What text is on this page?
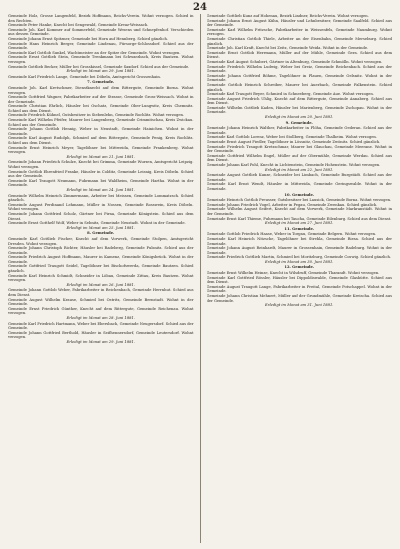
24

Gemeinde Holz, Grosse Langenfeld, Bezirk Hoffmann, Reichs-Verein. Wohnt verzogen. Schied in den Rechten.

Gemeinde Peter Hanke, Knecht bei Sengewald, Gemeinde Kreuz-Weissach.

Gemeinde Joh. Karl Kommer auf Sommerfeld, Gemeinde Wesens und Schnepfenhof. Verschieden aus dessen Gemeinde.

Gemeinde Johann Ernst Spitzner, Gemeinde bei Horn auf Hennberg. Schied gänzlich.

Gemeinde Hans Heinrich Berger, Gemeinde Lindenau, Fürsorge-Schlossdorf. Schied aus der Gemeinde.

Gemeinde Karl Gottlob Sunkel, Wachtmeister an der Spitze der Gemeinde. Wohnt verzogen.

Gemeinde Ernst Gottlieb Stein, Gemeinde Trenkmann bei Schwarzbach, Kreis Bautzen. Wohnt verzogen.

Gemeinde Gottlieb Becker, Müller bei Grosskissel, Gemeinde Saxdorf. Schied aus der Gemeinde.

Erledigt im Monat am 29. Juni 1881.

Gemeinde Karl Friedrich Lange, Gemeinde bei Döbeln, Amtsgericht Grossenhain.

7. Gemeinde.

Gemeinde Joh. Karl Kretschmer, Dienstknecht auf dem Rittergute, Gemeinde Borna. Wohnt verzogen.

Gemeinde Gottfried Wagner, Fabrikarbeiter auf der Strasse, Gemeinde Gross-Weissach. Wohnt in der Gemeinde.

Gemeinde Christian Ehrlich, Häusler bei Oschatz, Gemeinde Ober-Lungwitz, Kreis Chemnitz. Schied aus dem Dienst.

Gemeinde Friedrich Kühnel, Gutsbesitzer in Siebenlehn, Gemeinde Rochlitz. Wohnt verzogen.

Gemeinde Karl Wilhelm Pfeifer, Maurer bei Langenberg, Gemeinde Crimmitschau, Kreis Zwickau. Schied aus der Gemeinde.

Gemeinde Johann Gottlob Hennig, Weber in Neustadt, Gemeinde Hainichen. Wohnt in der Gemeinde.

Gemeinde Karl August Rudolph, Schmied auf dem Rittergute, Gemeinde Penig, Kreis Rochlitz. Schied aus dem Dienst.

Gemeinde Ernst Heinrich Meyer, Tagelöhner bei Mittweida, Gemeinde Frankenberg. Wohnt verzogen.

Erledigt im Monat am 21. Juni 1881.

Gemeinde Johann Friedrich Schulze, Knecht bei Grimma, Gemeinde Wurzen, Amtsgericht Leipzig. Wohnt verzogen.

Gemeinde Gottlob Ehrenfried Franke, Häusler in Colditz, Gemeinde Leisnig, Kreis Döbeln. Schied aus der Gemeinde.

Gemeinde Karl Traugott Neumann, Fuhrmann bei Waldheim, Gemeinde Hartha. Wohnt in der Gemeinde.

Erledigt im Monat am 24. Juni 1881.

Gemeinde Wilhelm Heinrich Zimmermann, Arbeiter bei Meissen, Gemeinde Lommatzsch. Schied gänzlich.

Gemeinde August Ferdinand Lehmann, Müller in Nossen, Gemeinde Rosswein, Kreis Döbeln. Wohnt verzogen.

Gemeinde Johann Gottfried Scholz, Gärtner bei Pirna, Gemeinde Königstein. Schied aus dem Dienst.

Gemeinde Ernst Gotthelf Wolf, Weber in Sebnitz, Gemeinde Neustadt. Wohnt in der Gemeinde.

Erledigt im Monat am 25. Juni 1881.

8. Gemeinde.

Gemeinde Karl Gottlieb Fischer, Knecht auf dem Vorwerk, Gemeinde Stolpen, Amtsgericht Dresden. Wohnt verzogen.

Gemeinde Johann Christoph Richter, Häusler bei Radeberg, Gemeinde Pulsnitz. Schied aus der Gemeinde.

Gemeinde Friedrich August Hoffmann, Maurer in Kamenz, Gemeinde Königsbrück. Wohnt in der Gemeinde.

Gemeinde Gottfried Traugott Seidel, Tagelöhner bei Bischofswerda, Gemeinde Bautzen. Schied gänzlich.

Gemeinde Karl Heinrich Schmidt, Schneider in Löbau, Gemeinde Zittau, Kreis Bautzen. Wohnt verzogen.

Erledigt im Monat am 26. Juni 1881.

Gemeinde Johann Gottlob Weber, Fabrikarbeiter in Reichenbach, Gemeinde Herrnhut. Schied aus dem Dienst.

Gemeinde August Wilhelm Krause, Schmied bei Ostritz, Gemeinde Bernstadt. Wohnt in der Gemeinde.

Gemeinde Ernst Friedrich Günther, Knecht auf dem Rittergute, Gemeinde Reichenau. Wohnt verzogen.

Erledigt im Monat am 28. Juni 1881.

Gemeinde Karl Friedrich Hartmann, Weber bei Ebersbach, Gemeinde Neugersdorf. Schied aus der Gemeinde.

Gemeinde Johann Gottfried Berthold, Häusler in Seifhennersdorf, Gemeinde Leutersdorf. Wohnt verzogen.

Erledigt im Monat am 29. Juni 1881.

Gemeinde Gottlieb Kunz auf Hohenau, Bezirk Lindner, Reichs-Verein. Wohnt verzogen.

Gemeinde Johann Ernst August Kühn, Häusler und Lehnbesitzer, Gemeinde Saalfeld. Schied aus der Gemeinde.

Gemeinde Karl Wilhelm Fritzsche, Fabrikarbeiter in Weissenfels, Gemeinde Naumburg. Wohnt verzogen.

Gemeinde Christian Gottlob Thiele, Arbeiter an der Eisenbahn, Gemeinde Merseburg. Schied gänzlich.

Gemeinde Joh. Karl Kraft, Knecht bei Zeitz, Gemeinde Weida. Wohnt in der Gemeinde.

Gemeinde Ernst Gottlob Herrmann, Müller auf der Mühle, Gemeinde Gera. Schied aus dem Dienst.

Gemeinde Karl August Schubert, Gärtner in Altenburg, Gemeinde Schmölln. Wohnt verzogen.

Gemeinde Friedrich Wilhelm Ludwig, Weber bei Greiz, Gemeinde Reichenbach. Schied aus der Gemeinde.

Gemeinde Johann Gottfried Böhme, Tagelöhner in Plauen, Gemeinde Oelsnitz. Wohnt in der Gemeinde.

Gemeinde Gottlob Heinrich Schreiber, Maurer bei Auerbach, Gemeinde Falkenstein. Schied gänzlich.

Gemeinde Karl Traugott Beyer, Schmied in Schneeberg, Gemeinde Aue. Wohnt verzogen.

Gemeinde August Friedrich Uhlig, Knecht auf dem Rittergute, Gemeinde Annaberg. Schied aus dem Dienst.

Gemeinde Wilhelm Gottlieb Kaden, Häusler bei Marienberg, Gemeinde Zschopau. Wohnt in der Gemeinde.

Erledigt im Monat am 20. Juni 1881.

9. Gemeinde.

Gemeinde Johann Heinrich Walther, Fabrikarbeiter in Flöha, Gemeinde Oederan. Schied aus der Gemeinde.

Gemeinde Karl Gottlob Lorenz, Weber bei Stollberg, Gemeinde Thalheim. Wohnt verzogen.

Gemeinde Ernst August Fiedler, Tagelöhner in Lössnitz, Gemeinde Zwönitz. Schied gänzlich.

Gemeinde Friedrich Traugott Kretzschmar, Maurer bei Glauchau, Gemeinde Meerane. Wohnt in der Gemeinde.

Gemeinde Gottfried Wilhelm Engel, Müller auf der Obermühle, Gemeinde Werdau. Schied aus dem Dienst.

Gemeinde Johann Karl Pohl, Knecht in Lichtenstein, Gemeinde Hohenstein. Wohnt verzogen.

Erledigt im Monat am 22. Juni 1881.

Gemeinde August Gottlieb Kunze, Schneider bei Limbach, Gemeinde Burgstädt. Schied aus der Gemeinde.

Gemeinde Karl Ernst Wendt, Häusler in Mittweida, Gemeinde Geringswalde. Wohnt in der Gemeinde.

10. Gemeinde.

Gemeinde Heinrich Gottlob Preusser, Gutsbesitzer bei Lausick, Gemeinde Borna. Wohnt verzogen.

Gemeinde Johann Friedrich Vogel, Arbeiter in Pegau, Gemeinde Zwenkau. Schied gänzlich.

Gemeinde Wilhelm August Seifert, Knecht auf dem Vorwerk, Gemeinde Markranstädt. Wohnt in der Gemeinde.

Gemeinde Ernst Karl Thieme, Fuhrmann bei Taucha, Gemeinde Eilenburg. Schied aus dem Dienst.

Erledigt im Monat am 27. Juni 1881.

11. Gemeinde.

Gemeinde Gottlob Friedrich Haase, Weber in Torgau, Gemeinde Belgern. Wohnt verzogen.

Gemeinde Karl Heinrich Nitzsche, Tagelöhner bei Strehla, Gemeinde Riesa. Schied aus der Gemeinde.

Gemeinde Johann August Reinhardt, Maurer in Grossenhain, Gemeinde Radeburg. Wohnt in der Gemeinde.

Gemeinde Friedrich Gottlieb Martin, Schmied bei Moritzburg, Gemeinde Coswig. Schied gänzlich.

Erledigt im Monat am 30. Juni 1881.

12. Gemeinde.

Gemeinde Ernst Wilhelm Heinze, Knecht in Wilsdruff, Gemeinde Tharandt. Wohnt verzogen.

Gemeinde Karl Gottfried Rössler, Häusler bei Dippoldiswalde, Gemeinde Glashütte. Schied aus dem Dienst.

Gemeinde August Traugott Lange, Fabrikarbeiter in Freital, Gemeinde Potschappel. Wohnt in der Gemeinde.

Gemeinde Johann Christian Mehnert, Müller auf der Grundmühle, Gemeinde Kreischa. Schied aus der Gemeinde.

Erledigt im Monat am 31. Juni 1881.
